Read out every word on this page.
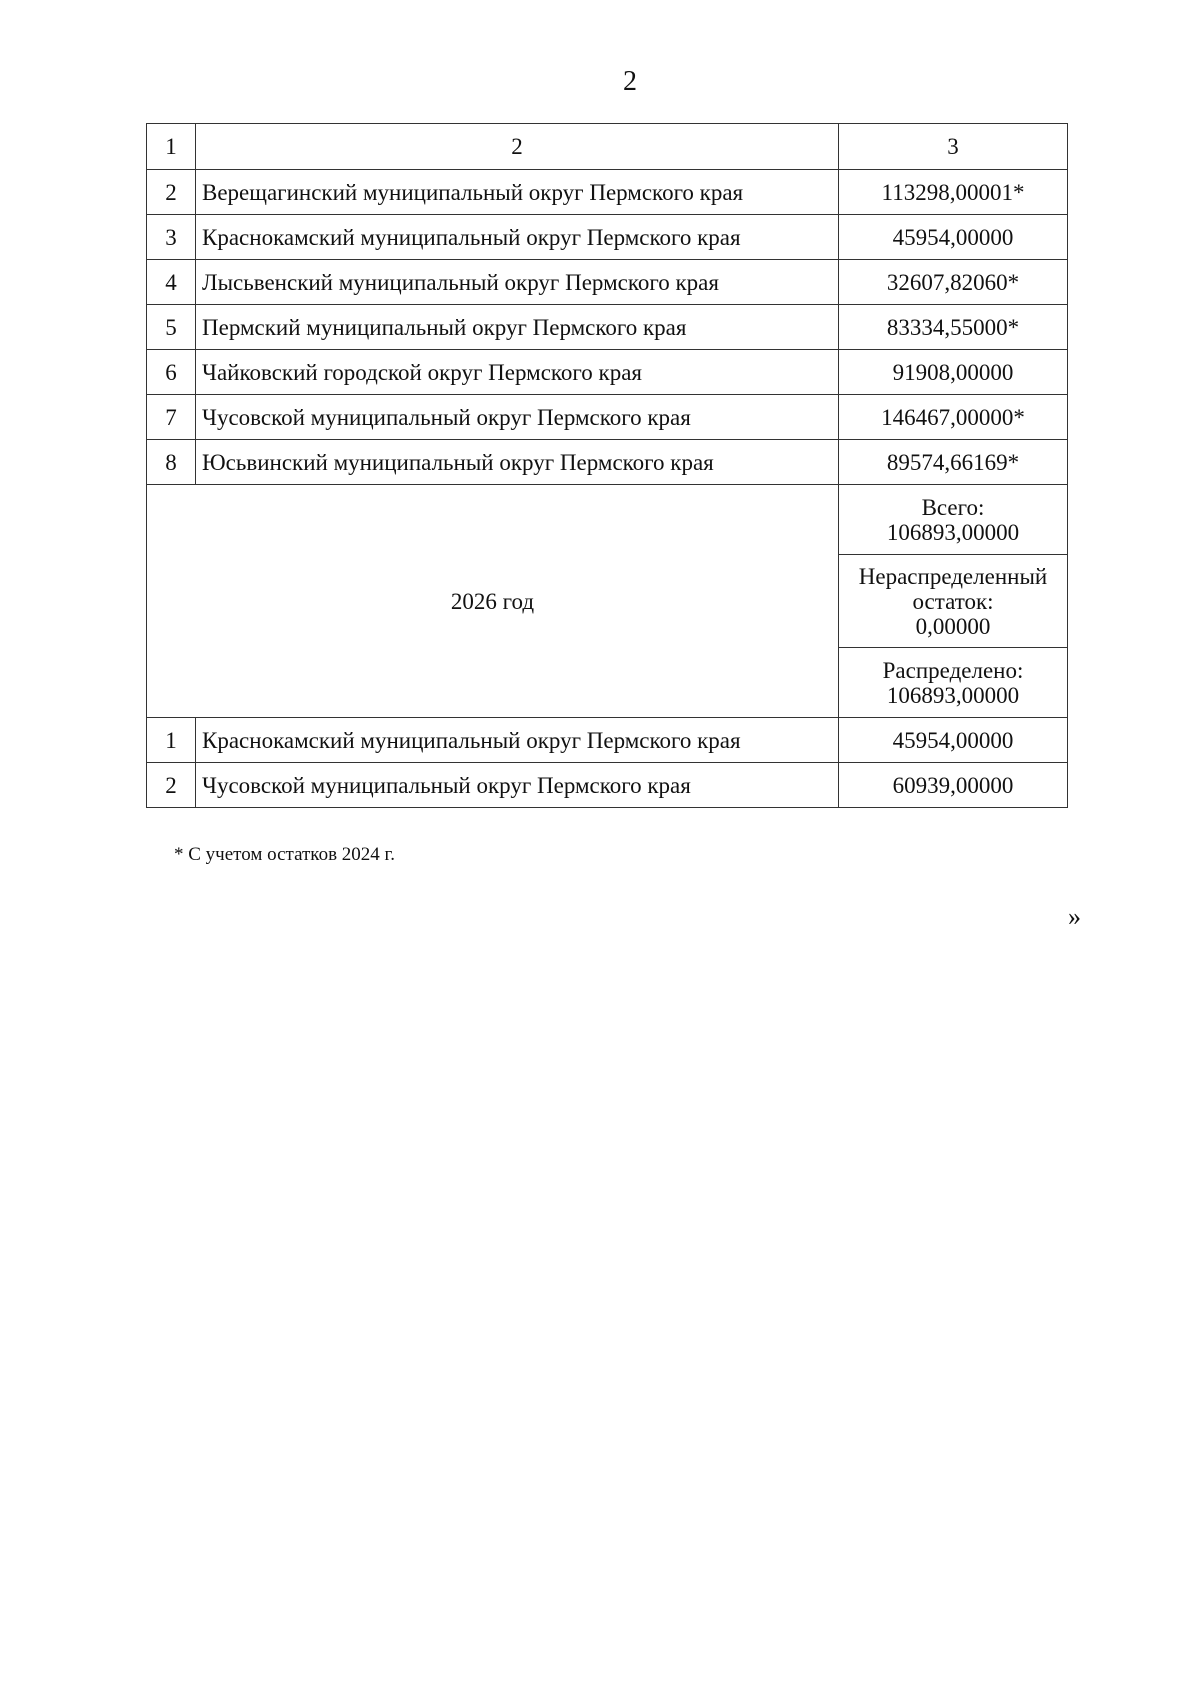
2
1	2	3
2	Верещагинский муниципальный округ Пермского края	113298,00001*
3	Краснокамский муниципальный округ Пермского края	45954,00000
4	Лысьвенский муниципальный округ Пермского края	32607,82060*
5	Пермский муниципальный округ Пермского края	83334,55000*
6	Чайковский городской округ Пермского края	91908,00000
7	Чусовской муниципальный округ Пермского края	146467,00000*
8	Юсьвинский муниципальный округ Пермского края	89574,66169*
2026 год		Всего:
106893,00000
		Нераспределенный
остаток:
0,00000
		Распределено:
106893,00000
1	Краснокамский муниципальный округ Пермского края	45954,00000
2	Чусовской муниципальный округ Пермского края	60939,00000
* С учетом остатков 2024 г.
»
